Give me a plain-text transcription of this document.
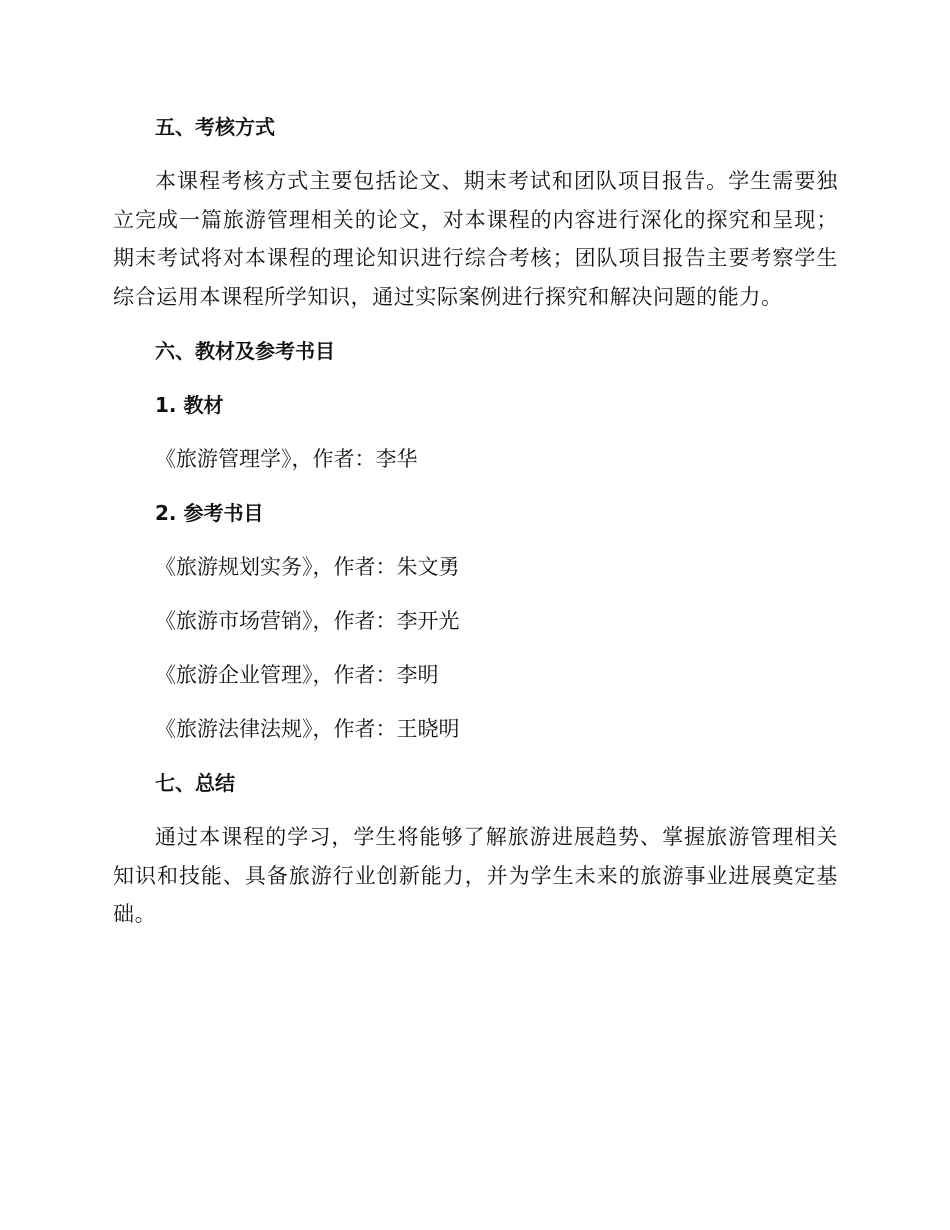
五、考核方式

本课程考核方式主要包括论文、期末考试和团队项目报告。学生需要独立完成一篇旅游管理相关的论文，对本课程的内容进行深化的探究和呈现；期末考试将对本课程的理论知识进行综合考核；团队项目报告主要考察学生综合运用本课程所学知识，通过实际案例进行探究和解决问题的能力。

六、教材及参考书目
1. 教材
《旅游管理学》，作者：李华
2. 参考书目
《旅游规划实务》，作者：朱文勇
《旅游市场营销》，作者：李开光
《旅游企业管理》，作者：李明
《旅游法律法规》，作者：王晓明
七、总结

通过本课程的学习，学生将能够了解旅游进展趋势、掌握旅游管理相关知识和技能、具备旅游行业创新能力，并为学生未来的旅游事业进展奠定基础。
